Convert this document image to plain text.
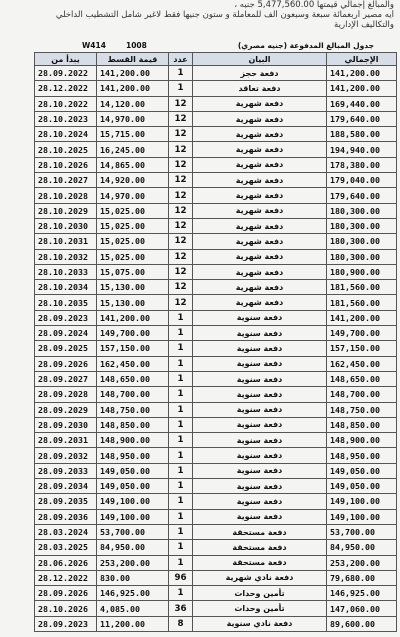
والمبالغ إجمالي قيمتها 5,477,560.00 جنيه ،
أيه مصير أربعمائة سبعة وسبعون ألف للمعاملة و ستون جنيها فقط لاغير شامل التشطيب الداخلي
والتكاليف الإدارية
W414	1008	جدول المبالغ المدفوعة (جنيه مصري)
يبدأ من	قيمة القسط	عدد	البيان	الإجمالي
28.09.2022	141,200.00	1	دفعة حجز	141,200.00
28.12.2022	141,200.00	1	دفعة تعاقد	141,200.00
28.10.2022	14,120.00	12	دفعة شهرية	169,440.00
28.10.2023	14,970.00	12	دفعة شهرية	179,640.00
28.10.2024	15,715.00	12	دفعة شهرية	188,580.00
28.10.2025	16,245.00	12	دفعة شهرية	194,940.00
28.10.2026	14,865.00	12	دفعة شهرية	178,380.00
28.10.2027	14,920.00	12	دفعة شهرية	179,040.00
28.10.2028	14,970.00	12	دفعة شهرية	179,640.00
28.10.2029	15,025.00	12	دفعة شهرية	180,300.00
28.10.2030	15,025.00	12	دفعة شهرية	180,300.00
28.10.2031	15,025.00	12	دفعة شهرية	180,300.00
28.10.2032	15,025.00	12	دفعة شهرية	180,300.00
28.10.2033	15,075.00	12	دفعة شهرية	180,900.00
28.10.2034	15,130.00	12	دفعة شهرية	181,560.00
28.10.2035	15,130.00	12	دفعة شهرية	181,560.00
28.09.2023	141,200.00	1	دفعة سنوية	141,200.00
28.09.2024	149,700.00	1	دفعة سنوية	149,700.00
28.09.2025	157,150.00	1	دفعة سنوية	157,150.00
28.09.2026	162,450.00	1	دفعة سنوية	162,450.00
28.09.2027	148,650.00	1	دفعة سنوية	148,650.00
28.09.2028	148,700.00	1	دفعة سنوية	148,700.00
28.09.2029	148,750.00	1	دفعة سنوية	148,750.00
28.09.2030	148,850.00	1	دفعة سنوية	148,850.00
28.09.2031	148,900.00	1	دفعة سنوية	148,900.00
28.09.2032	148,950.00	1	دفعة سنوية	148,950.00
28.09.2033	149,050.00	1	دفعة سنوية	149,050.00
28.09.2034	149,050.00	1	دفعة سنوية	149,050.00
28.09.2035	149,100.00	1	دفعة سنوية	149,100.00
28.09.2036	149,100.00	1	دفعة سنوية	149,100.00
28.03.2024	53,700.00	1	دفعة مستحقة	53,700.00
28.03.2025	84,950.00	1	دفعة مستحقة	84,950.00
28.06.2026	253,200.00	1	دفعة مستحقة	253,200.00
28.12.2022	830.00	96	دفعة نادي شهرية	79,680.00
28.09.2026	146,925.00	1	تأمين وحدات	146,925.00
28.10.2026	4,085.00	36	تأمين وحدات	147,060.00
28.09.2023	11,200.00	8	دفعة نادي سنوية	89,600.00
